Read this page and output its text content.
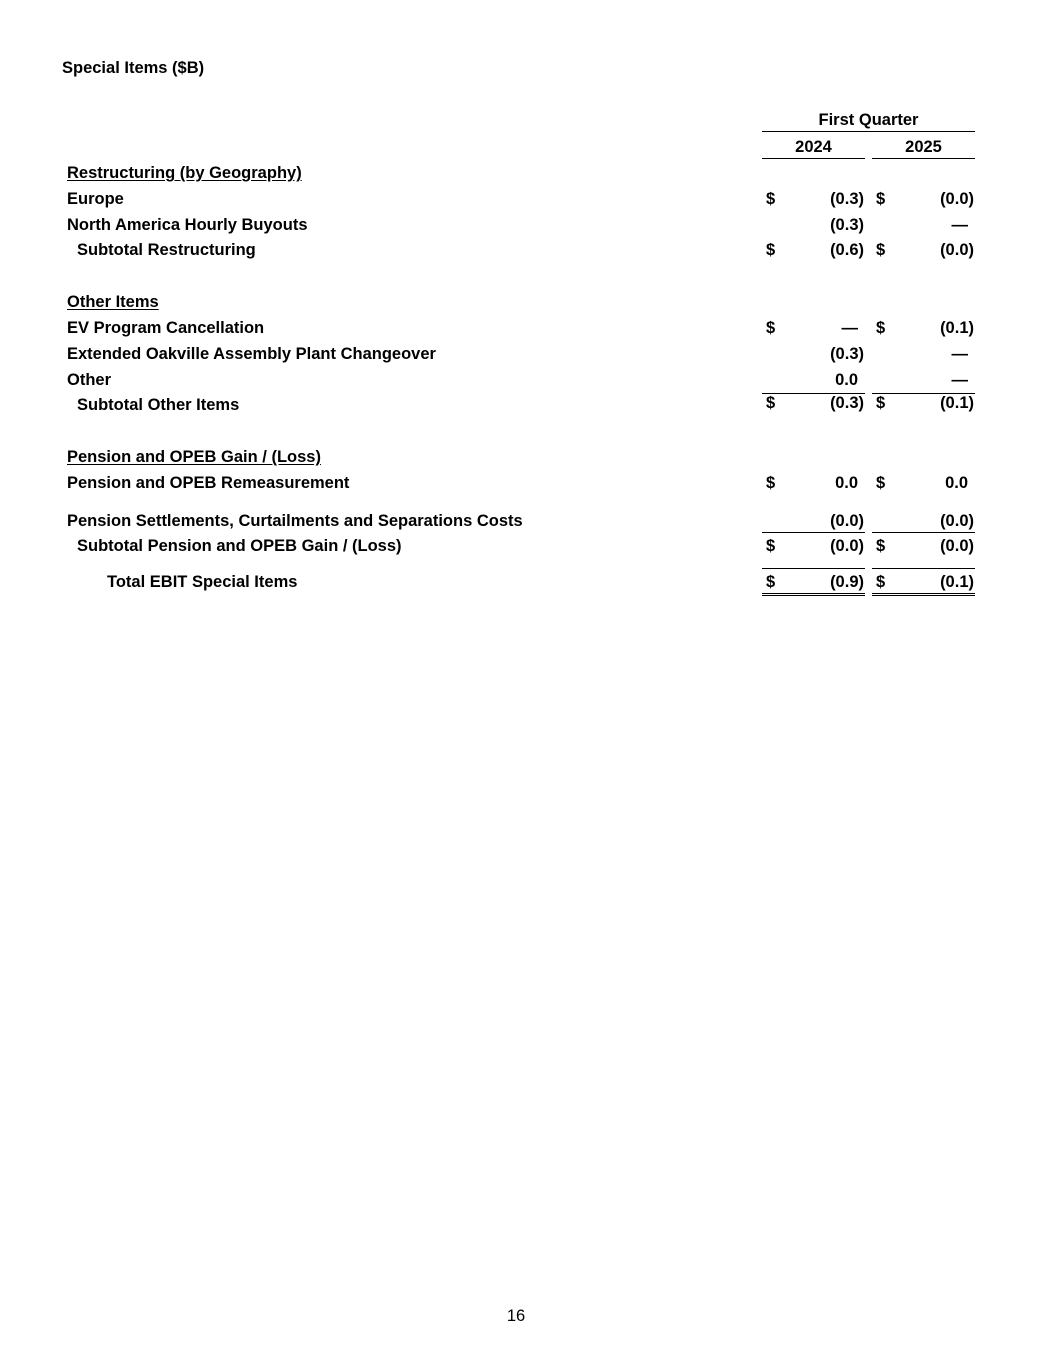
Special Items ($B)
First Quarter
2024	2025
Restructuring (by Geography)
Europe	$	(0.3) $	(0.0)
North America Hourly Buyouts	(0.3)	—
Subtotal Restructuring	$	(0.6) $	(0.0)
Other Items
EV Program Cancellation	$	— $	(0.1)
Extended Oakville Assembly Plant Changeover	(0.3)	—
Other	0.0	—
Subtotal Other Items	$	(0.3) $	(0.1)
Pension and OPEB Gain / (Loss)
Pension and OPEB Remeasurement	$	0.0 $	0.0
Pension Settlements, Curtailments and Separations Costs	(0.0)	(0.0)
Subtotal Pension and OPEB Gain / (Loss)	$	(0.0) $	(0.0)
Total EBIT Special Items	$	(0.9) $	(0.1)
16
